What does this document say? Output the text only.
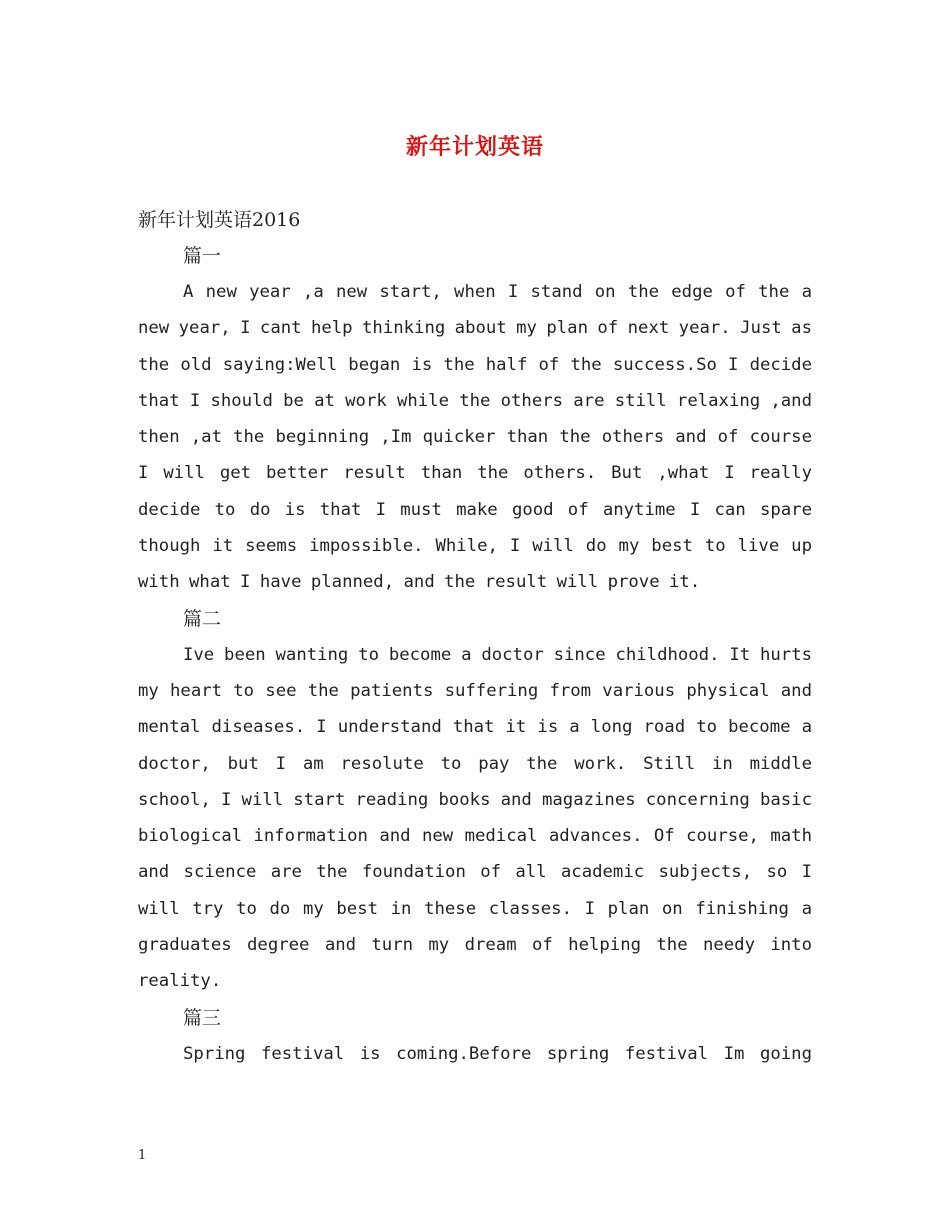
新年计划英语
新年计划英语2016
篇一

A new year ,a new start, when I stand on the edge of the a new year, I cant help thinking about my plan of next year. Just as the old saying:Well began is the half of the success.So I decide that I should be at work while the others are still relaxing ,and then ,at the beginning ,Im quicker than the others and of course I will get better result than the others. But ,what I really decide to do is that I must make good of anytime I can spare though it seems impossible. While, I will do my best to live up with what I have planned, and the result will prove it.

篇二

Ive been wanting to become a doctor since childhood. It hurts my heart to see the patients suffering from various physical and mental diseases. I understand that it is a long road to become a doctor, but I am resolute to pay the work. Still in middle school, I will start reading books and magazines concerning basic biological information and new medical advances. Of course, math and science are the foundation of all academic subjects, so I will try to do my best in these classes. I plan on finishing a graduates degree and turn my dream of helping the needy into reality.

篇三

Spring festival is coming.Before spring festival Im going

1
